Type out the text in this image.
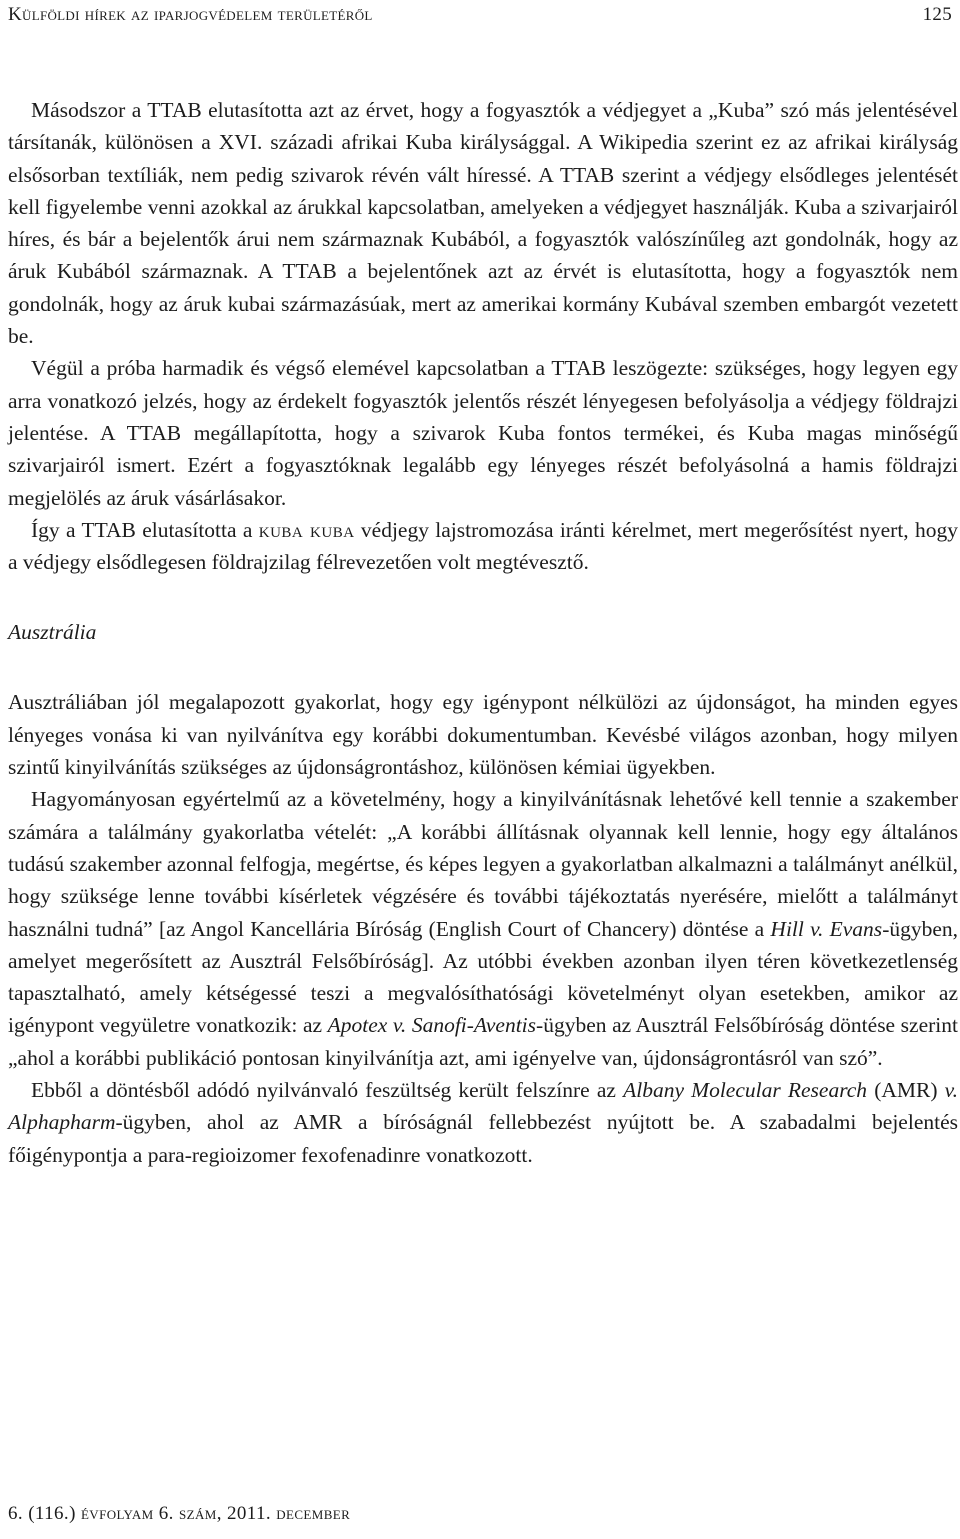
Külföldi hírek az iparjogvédelem területéről	125

Másodszor a TTAB elutasította azt az érvet, hogy a fogyasztók a védjegyet a „Kuba” szó más jelentésével társítanák, különösen a XVI. századi afrikai Kuba királysággal. A Wikipedia szerint ez az afrikai királyság elsősorban textíliák, nem pedig szivarok révén vált híressé. A TTAB szerint a védjegy elsődleges jelentését kell figyelembe venni azokkal az árukkal kapcsolatban, amelyeken a védjegyet használják. Kuba a szivarjairól híres, és bár a bejelentők árui nem származnak Kubából, a fogyasztók valószínűleg azt gondolnák, hogy az áruk Kubából származnak. A TTAB a bejelentőnek azt az érvét is elutasította, hogy a fogyasztók nem gondolnák, hogy az áruk kubai származásúak, mert az amerikai kormány Kubával szemben embargót vezetett be.

Végül a próba harmadik és végső elemével kapcsolatban a TTAB leszögezte: szükséges, hogy legyen egy arra vonatkozó jelzés, hogy az érdekelt fogyasztók jelentős részét lényegesen befolyásolja a védjegy földrajzi jelentése. A TTAB megállapította, hogy a szivarok Kuba fontos termékei, és Kuba magas minőségű szivarjairól ismert. Ezért a fogyasztóknak legalább egy lényeges részét befolyásolná a hamis földrajzi megjelölés az áruk vásárlásakor.

Így a TTAB elutasította a kuba kuba védjegy lajstromozása iránti kérelmet, mert megerősítést nyert, hogy a védjegy elsődlegesen földrajzilag félrevezetően volt megtévesztő.

Ausztrália

Ausztráliában jól megalapozott gyakorlat, hogy egy igénypont nélkülözi az újdonságot, ha minden egyes lényeges vonása ki van nyilvánítva egy korábbi dokumentumban. Kevésbé világos azonban, hogy milyen szintű kinyilvánítás szükséges az újdonságrontáshoz, különösen kémiai ügyekben.

Hagyományosan egyértelmű az a követelmény, hogy a kinyilvánításnak lehetővé kell tennie a szakember számára a találmány gyakorlatba vételét: „A korábbi állításnak olyannak kell lennie, hogy egy általános tudású szakember azonnal felfogja, megértse, és képes legyen a gyakorlatban alkalmazni a találmányt anélkül, hogy szüksége lenne további kísérletek végzésére és további tájékoztatás nyerésére, mielőtt a találmányt használni tudná” [az Angol Kancellária Bíróság (English Court of Chancery) döntése a Hill v. Evans-ügyben, amelyet megerősített az Ausztrál Felsőbíróság]. Az utóbbi években azonban ilyen téren következetlenség tapasztalható, amely kétségessé teszi a megvalósíthatósági követelményt olyan esetekben, amikor az igénypont vegyületre vonatkozik: az Apotex v. Sanofi-Aventis-ügyben az Ausztrál Felsőbíróság döntése szerint „ahol a korábbi publikáció pontosan kinyilvánítja azt, ami igényelve van, újdonságrontásról van szó”.

Ebből a döntésből adódó nyilvánvaló feszültség került felszínre az Albany Molecular Research (AMR) v. Alphapharm-ügyben, ahol az AMR a bíróságnál fellebbezést nyújtott be. A szabadalmi bejelentés főigénypontja a para-regioizomer fexofenadinre vonatkozott.

6. (116.) évfolyam 6. szám, 2011. december
